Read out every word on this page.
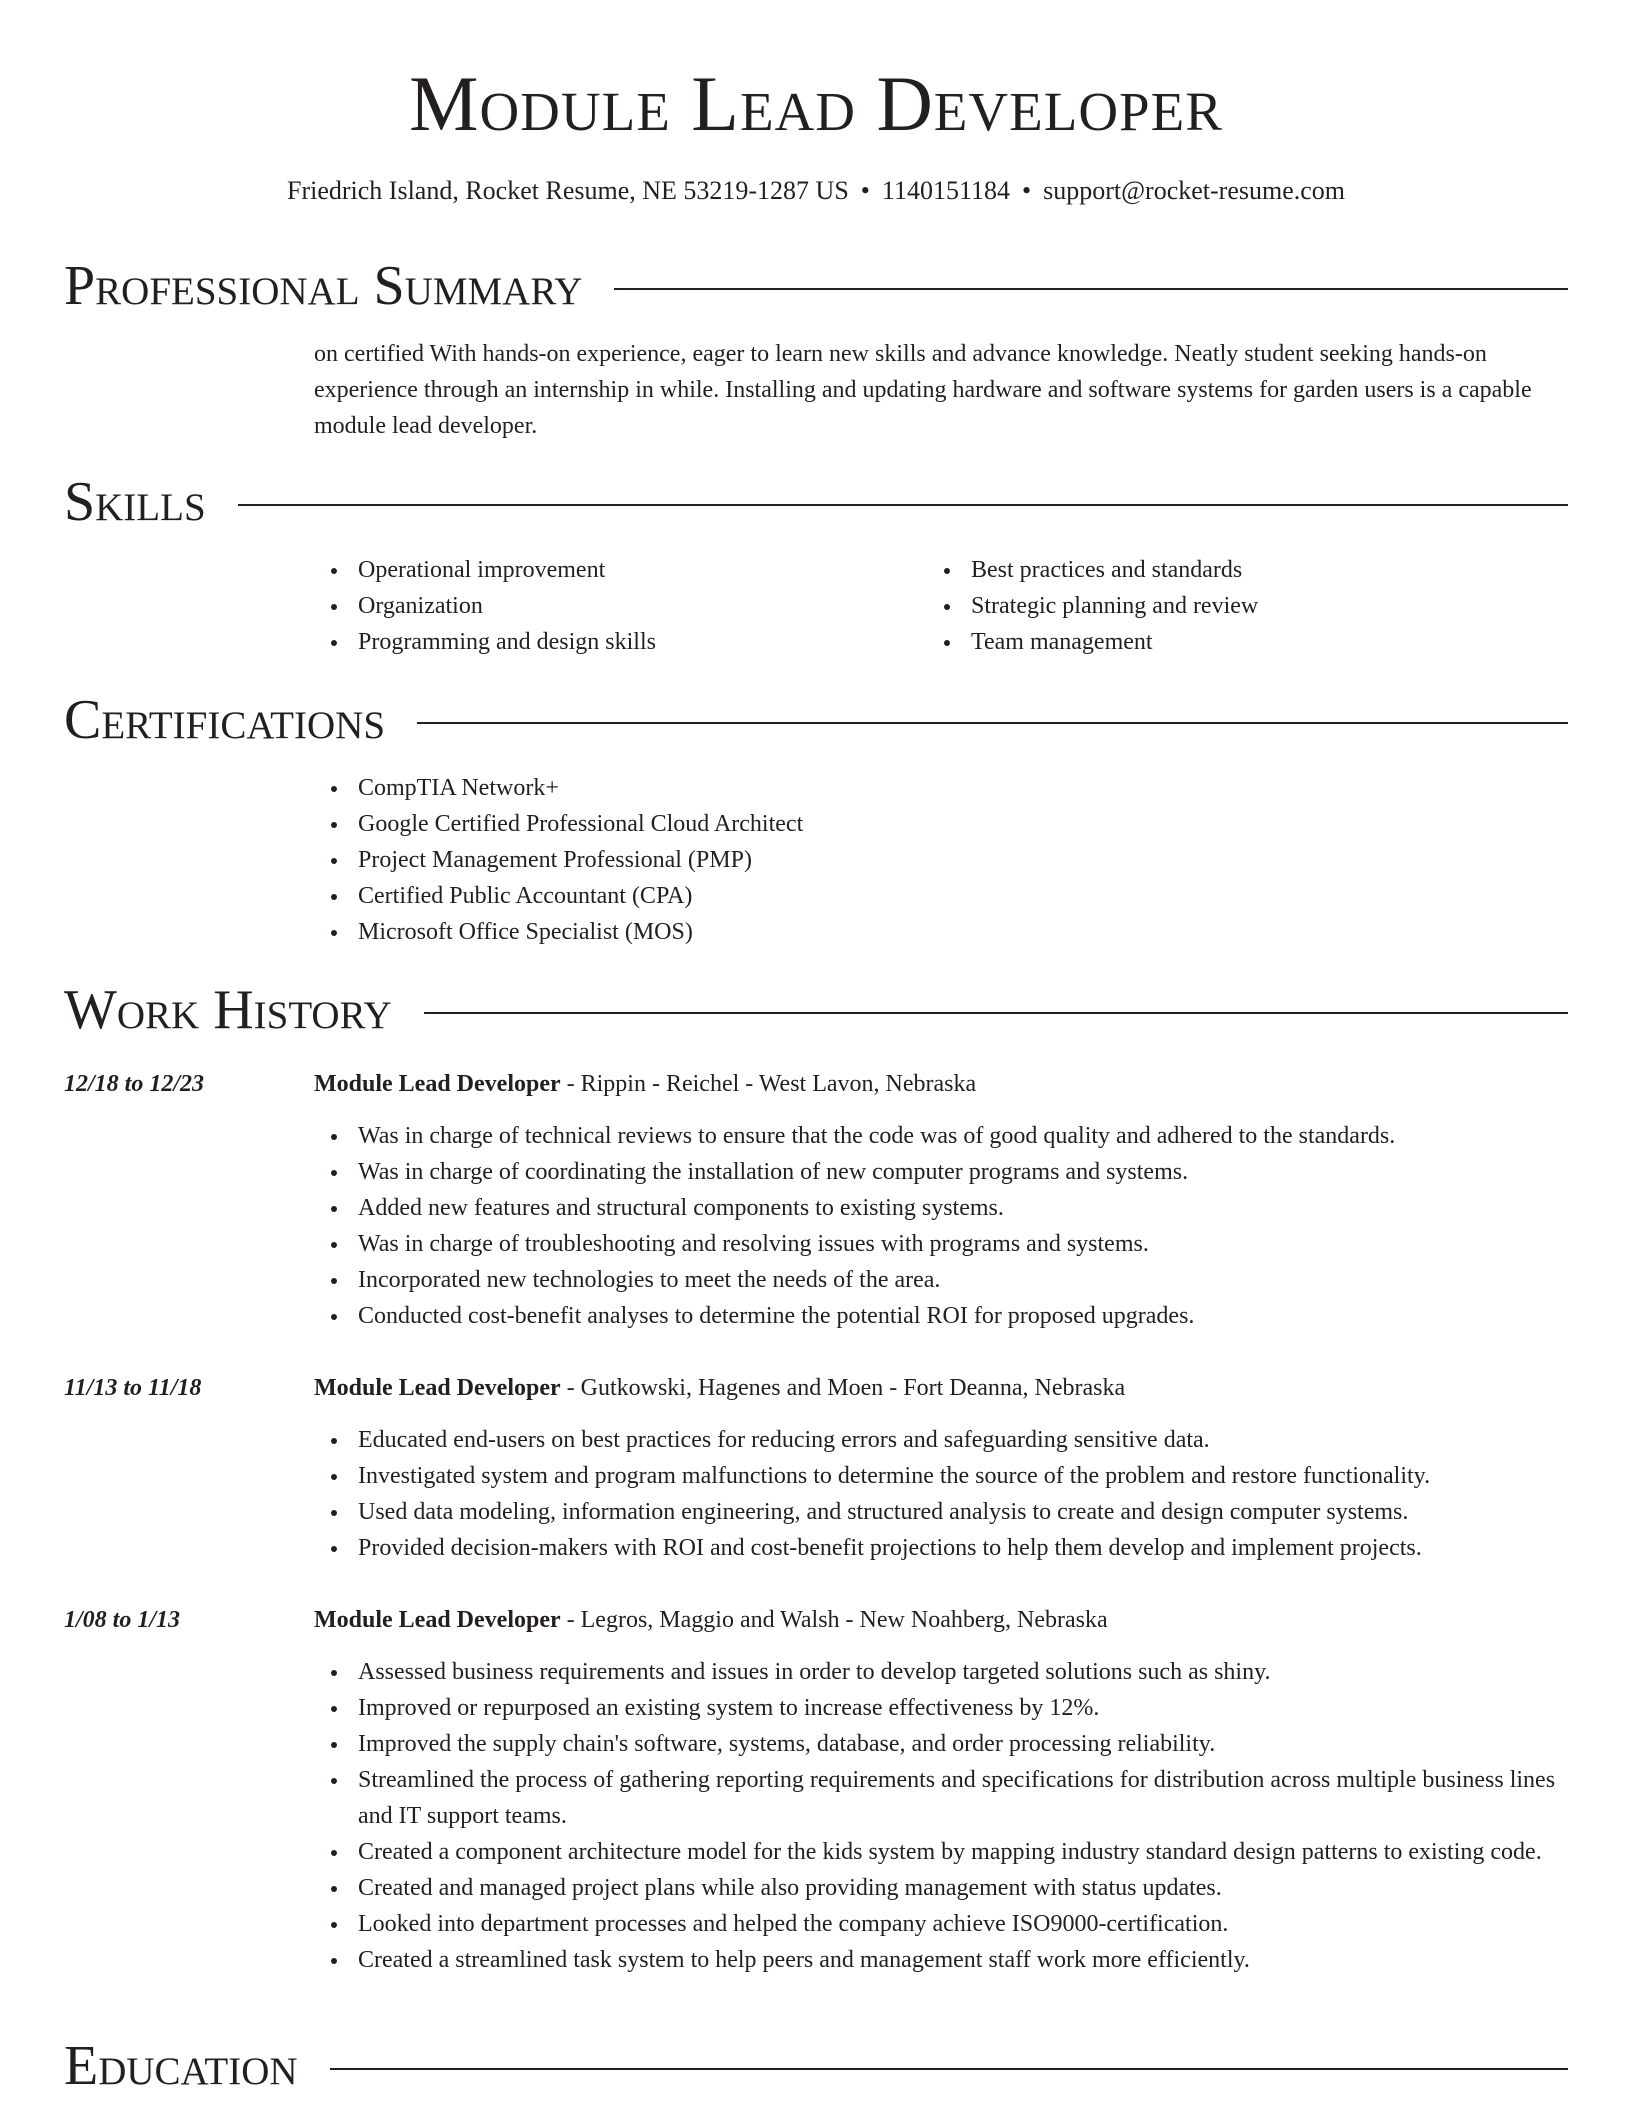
Module Lead Developer
Friedrich Island, Rocket Resume, NE 53219-1287 US • 1140151184 • support@rocket-resume.com
Professional Summary
on certified With hands-on experience, eager to learn new skills and advance knowledge. Neatly student seeking hands-on experience through an internship in while. Installing and updating hardware and software systems for garden users is a capable module lead developer.
Skills
Operational improvement
Organization
Programming and design skills
Best practices and standards
Strategic planning and review
Team management
Certifications
CompTIA Network+
Google Certified Professional Cloud Architect
Project Management Professional (PMP)
Certified Public Accountant (CPA)
Microsoft Office Specialist (MOS)
Work History
12/18 to 12/23	Module Lead Developer - Rippin - Reichel - West Lavon, Nebraska
Was in charge of technical reviews to ensure that the code was of good quality and adhered to the standards.
Was in charge of coordinating the installation of new computer programs and systems.
Added new features and structural components to existing systems.
Was in charge of troubleshooting and resolving issues with programs and systems.
Incorporated new technologies to meet the needs of the area.
Conducted cost-benefit analyses to determine the potential ROI for proposed upgrades.
11/13 to 11/18	Module Lead Developer - Gutkowski, Hagenes and Moen - Fort Deanna, Nebraska
Educated end-users on best practices for reducing errors and safeguarding sensitive data.
Investigated system and program malfunctions to determine the source of the problem and restore functionality.
Used data modeling, information engineering, and structured analysis to create and design computer systems.
Provided decision-makers with ROI and cost-benefit projections to help them develop and implement projects.
1/08 to 1/13	Module Lead Developer - Legros, Maggio and Walsh - New Noahberg, Nebraska
Assessed business requirements and issues in order to develop targeted solutions such as shiny.
Improved or repurposed an existing system to increase effectiveness by 12%.
Improved the supply chain's software, systems, database, and order processing reliability.
Streamlined the process of gathering reporting requirements and specifications for distribution across multiple business lines and IT support teams.
Created a component architecture model for the kids system by mapping industry standard design patterns to existing code.
Created and managed project plans while also providing management with status updates.
Looked into department processes and helped the company achieve ISO9000-certification.
Created a streamlined task system to help peers and management staff work more efficiently.
Education
